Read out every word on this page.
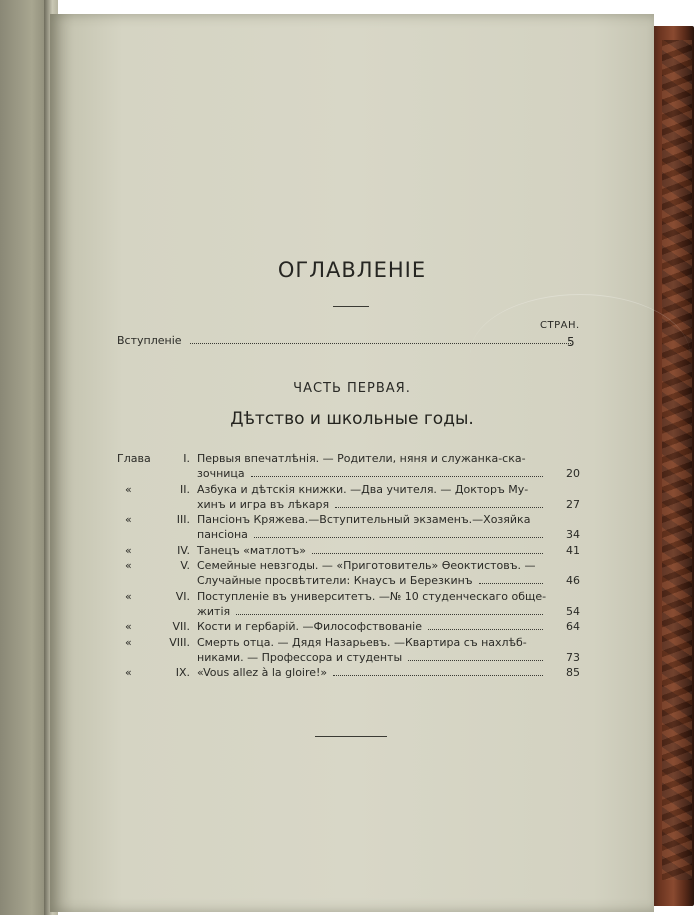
ОГЛАВЛЕНІЕ
СТРАН.
Вступленіе	5
ЧАСТЬ ПЕРВАЯ.
Дѣтство и школьные годы.
Глава	I. Первыя впечатлѣнія. — Родители, няня и служанка-ска-
зочница	20
«	II. Азбука и дѣтскія книжки. —Два учителя. — Докторъ Му-
хинъ и игра въ лѣкаря	27
«	III. Пансіонъ Кряжева.—Вступительный экзаменъ.—Хозяйка
пансіона	34
«	IV. Танецъ «матлотъ»	41
«	V. Семейные невзгоды. — «Приготовитель» Ѳеоктистовъ. —
Случайные просвѣтители: Кнаусъ и Березкинъ	46
«	VI. Поступленіе въ университетъ. —№ 10 студенческаго обще-
житія	54
«	VII. Кости и гербарій. —Философствованіе	64
«	VIII. Смерть отца. — Дядя Назарьевъ. —Квартира съ нахлѣб-
никами. — Профессора и студенты	73
«	IX. «Vous allez à la gloire!»	85
